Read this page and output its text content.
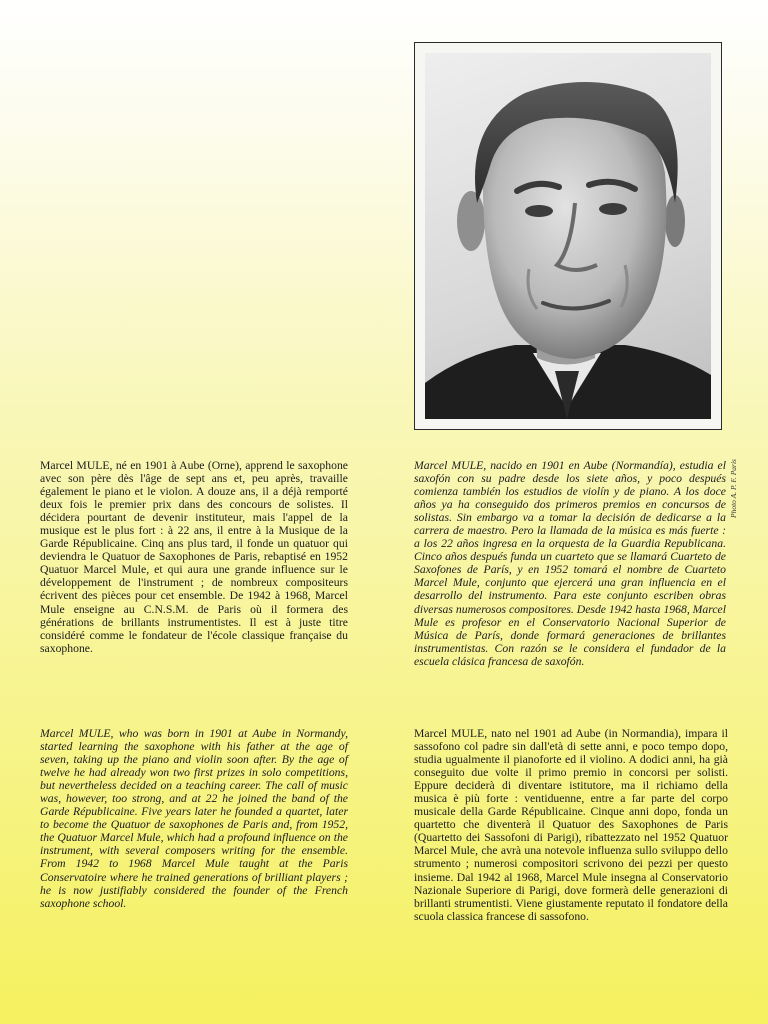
Photo A. P. F. Paris

Marcel MULE, né en 1901 à Aube (Orne), apprend le saxophone avec son père dès l'âge de sept ans et, peu après, travaille également le piano et le violon. A douze ans, il a déjà remporté deux fois le premier prix dans des concours de solistes. Il décidera pourtant de devenir instituteur, mais l'appel de la musique est le plus fort : à 22 ans, il entre à la Musique de la Garde Républicaine. Cinq ans plus tard, il fonde un quatuor qui deviendra le Quatuor de Saxophones de Paris, rebaptisé en 1952 Quatuor Marcel Mule, et qui aura une grande influence sur le développement de l'instrument ; de nombreux compositeurs écrivent des pièces pour cet ensemble. De 1942 à 1968, Marcel Mule enseigne au C.N.S.M. de Paris où il formera des générations de brillants instrumentistes. Il est à juste titre considéré comme le fondateur de l'école classique française du saxophone.

Marcel MULE, nacido en 1901 en Aube (Normandía), estudia el saxofón con su padre desde los siete años, y poco después comienza también los estudios de violín y de piano. A los doce años ya ha conseguido dos primeros premios en concursos de solistas. Sin embargo va a tomar la decisión de dedicarse a la carrera de maestro. Pero la llamada de la música es más fuerte : a los 22 años ingresa en la orquesta de la Guardia Republicana. Cinco años después funda un cuarteto que se llamará Cuarteto de Saxofones de París, y en 1952 tomará el nombre de Cuarteto Marcel Mule, conjunto que ejercerá una gran influencia en el desarrollo del instrumento. Para este conjunto escriben obras diversas numerosos compositores. Desde 1942 hasta 1968, Marcel Mule es profesor en el Conservatorio Nacional Superior de Música de París, donde formará generaciones de brillantes instrumentistas. Con razón se le considera el fundador de la escuela clásica francesa de saxofón.

Marcel MULE, who was born in 1901 at Aube in Normandy, started learning the saxophone with his father at the age of seven, taking up the piano and violin soon after. By the age of twelve he had already won two first prizes in solo competitions, but nevertheless decided on a teaching career. The call of music was, however, too strong, and at 22 he joined the band of the Garde Républicaine. Five years later he founded a quartet, later to become the Quatuor de saxophones de Paris and, from 1952, the Quatuor Marcel Mule, which had a profound influence on the instrument, with several composers writing for the ensemble. From 1942 to 1968 Marcel Mule taught at the Paris Conservatoire where he trained generations of brilliant players ; he is now justifiably considered the founder of the French saxophone school.

Marcel MULE, nato nel 1901 ad Aube (in Normandia), impara il sassofono col padre sin dall'età di sette anni, e poco tempo dopo, studia ugualmente il pianoforte ed il violino. A dodici anni, ha già conseguito due volte il primo premio in concorsi per solisti. Eppure deciderà di diventare istitutore, ma il richiamo della musica è più forte : ventiduenne, entre a far parte del corpo musicale della Garde Républicaine. Cinque anni dopo, fonda un quartetto che diventerà il Quatuor des Saxophones de Paris (Quartetto dei Sassofoni di Parigi), ribattezzato nel 1952 Quatuor Marcel Mule, che avrà una notevole influenza sullo sviluppo dello strumento ; numerosi compositori scrivono dei pezzi per questo insieme. Dal 1942 al 1968, Marcel Mule insegna al Conservatorio Nazionale Superiore di Parigi, dove formerà delle generazioni di brillanti strumentisti. Viene giustamente reputato il fondatore della scuola classica francese di sassofono.
